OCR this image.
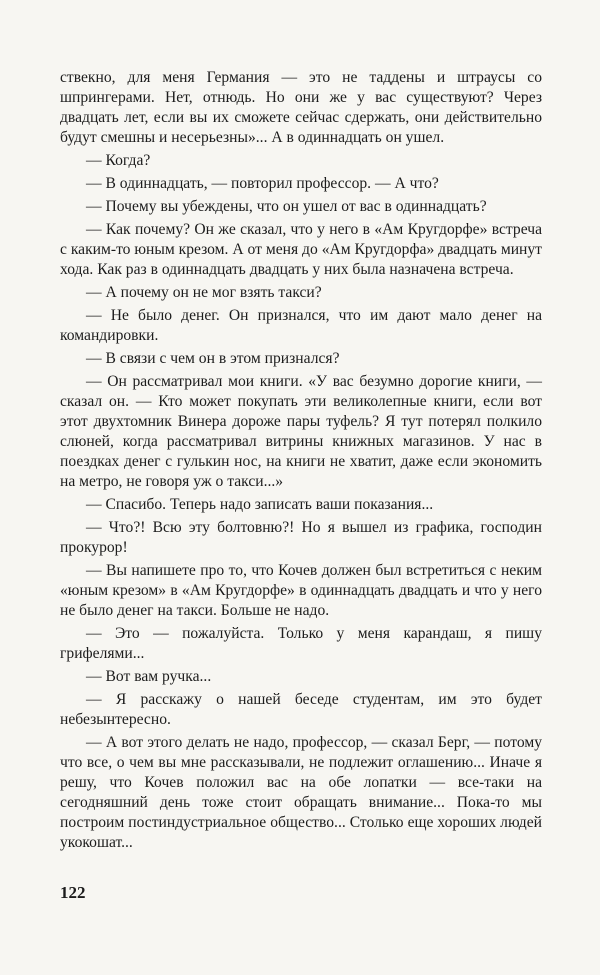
ствекно, для меня Германия — это не таддены и штраусы со шпрингерами. Нет, отнюдь. Но они же у вас существуют? Через двадцать лет, если вы их сможете сейчас сдержать, они действительно будут смешны и несерьезны»... А в одиннадцать он ушел.

— Когда?

— В одиннадцать, — повторил профессор. — А что?

— Почему вы убеждены, что он ушел от вас в одиннадцать?

— Как почему? Он же сказал, что у него в «Ам Кругдорфе» встреча с каким-то юным крезом. А от меня до «Ам Кругдорфа» двадцать минут хода. Как раз в одиннадцать двадцать у них была назначена встреча.

— А почему он не мог взять такси?

— Не было денег. Он признался, что им дают мало денег на командировки.

— В связи с чем он в этом признался?

— Он рассматривал мои книги. «У вас безумно дорогие книги, — сказал он. — Кто может покупать эти великолепные книги, если вот этот двухтомник Винера дороже пары туфель? Я тут потерял полкило слюней, когда рассматривал витрины книжных магазинов. У нас в поездках денег с гулькин нос, на книги не хватит, даже если экономить на метро, не говоря уж о такси...»

— Спасибо. Теперь надо записать ваши показания...

— Что?! Всю эту болтовню?! Но я вышел из графика, господин прокурор!

— Вы напишете про то, что Кочев должен был встретиться с неким «юным крезом» в «Ам Кругдорфе» в одиннадцать двадцать и что у него не было денег на такси. Больше не надо.

— Это — пожалуйста. Только у меня карандаш, я пишу грифелями...

— Вот вам ручка...

— Я расскажу о нашей беседе студентам, им это будет небезынтересно.

— А вот этого делать не надо, профессор, — сказал Берг, — потому что все, о чем вы мне рассказывали, не подлежит оглашению... Иначе я решу, что Кочев положил вас на обе лопатки — все-таки на сегодняшний день тоже стоит обращать внимание... Пока-то мы построим постиндустриальное общество... Столько еще хороших людей укокошат...

122
